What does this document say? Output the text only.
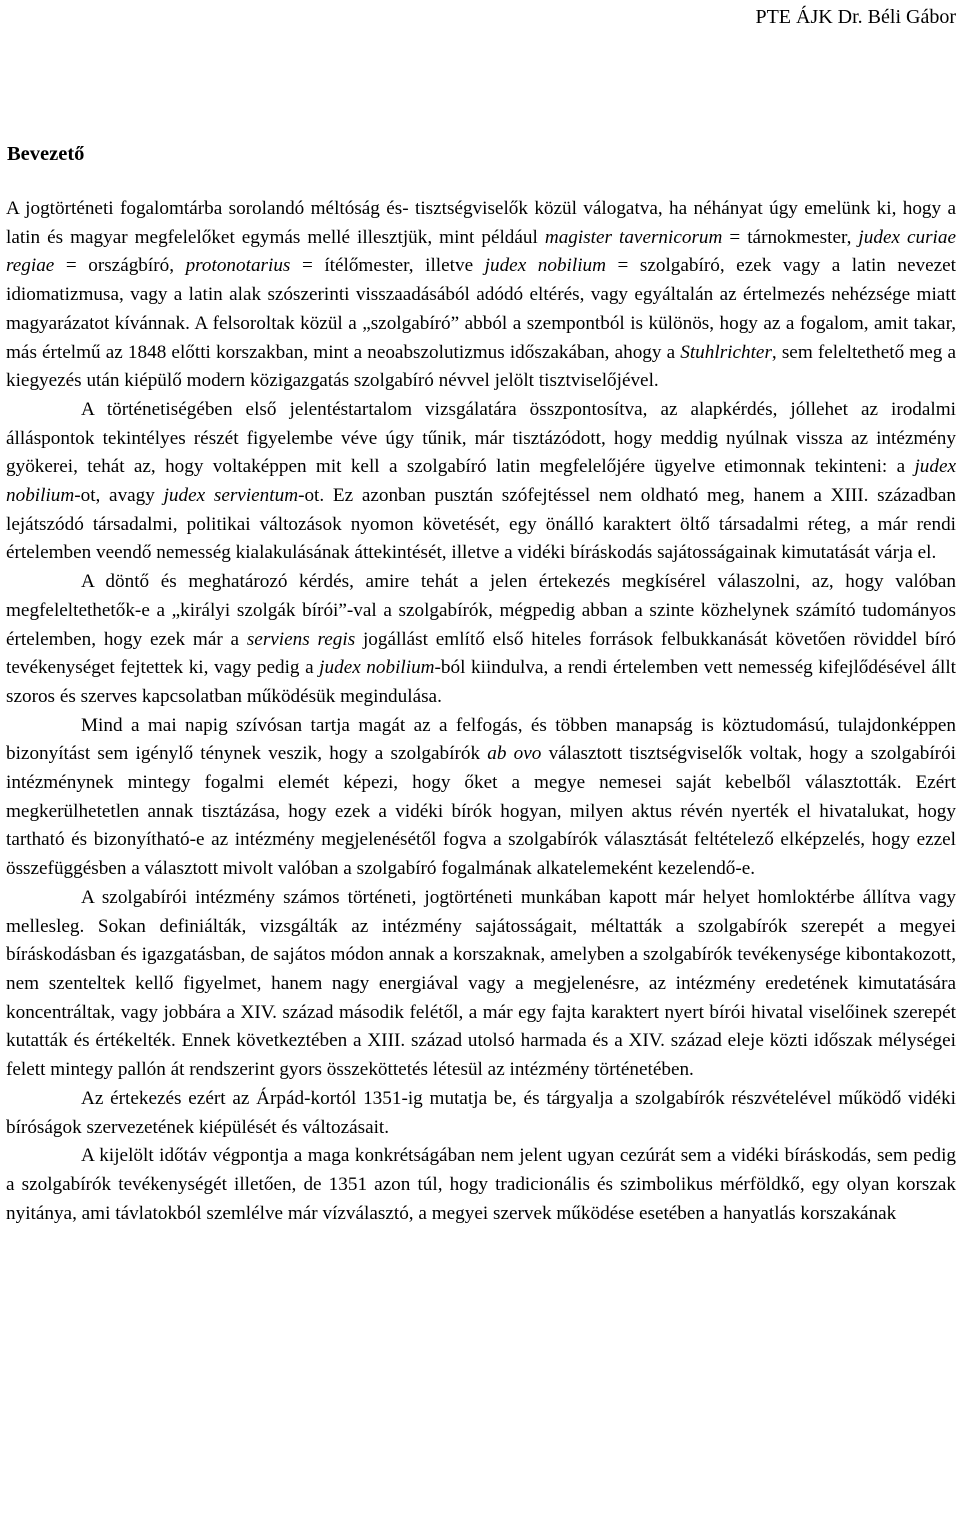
PTE ÁJK Dr. Béli Gábor
Bevezető

A jogtörténeti fogalomtárba sorolandó méltóság és- tisztségviselők közül válogatva, ha néhányat úgy emelünk ki, hogy a latin és magyar megfelelőket egymás mellé illesztjük, mint például magister tavernicorum = tárnokmester, judex curiae regiae = országbíró, protonotarius = ítélőmester, illetve judex nobilium = szolgabíró, ezek vagy a latin nevezet idiomatizmusa, vagy a latin alak szószerinti visszaadásából adódó eltérés, vagy egyáltalán az értelmezés nehézsége miatt magyarázatot kívánnak. A felsoroltak közül a „szolgabíró” abból a szempontból is különös, hogy az a fogalom, amit takar, más értelmű az 1848 előtti korszakban, mint a neoabszolutizmus időszakában, ahogy a Stuhlrichter, sem feleltethető meg a kiegyezés után kiépülő modern közigazgatás szolgabíró névvel jelölt tisztviselőjével.

A történetiségében első jelentéstartalom vizsgálatára összpontosítva, az alapkérdés, jóllehet az irodalmi álláspontok tekintélyes részét figyelembe véve úgy tűnik, már tisztázódott, hogy meddig nyúlnak vissza az intézmény gyökerei, tehát az, hogy voltaképpen mit kell a szolgabíró latin megfelelőjére ügyelve etimonnak tekinteni: a judex nobilium-ot, avagy judex servientum-ot. Ez azonban pusztán szófejtéssel nem oldható meg, hanem a XIII. században lejátszódó társadalmi, politikai változások nyomon követését, egy önálló karaktert öltő társadalmi réteg, a már rendi értelemben veendő nemesség kialakulásának áttekintését, illetve a vidéki bíráskodás sajátosságainak kimutatását várja el.

A döntő és meghatározó kérdés, amire tehát a jelen értekezés megkísérel válaszolni, az, hogy valóban megfeleltethetők-e a „királyi szolgák bírói”-val a szolgabírók, mégpedig abban a szinte közhelynek számító tudományos értelemben, hogy ezek már a serviens regis jogállást említő első hiteles források felbukkanását követően röviddel bíró tevékenységet fejtettek ki, vagy pedig a judex nobilium-ból kiindulva, a rendi értelemben vett nemesség kifejlődésével állt szoros és szerves kapcsolatban működésük megindulása.

Mind a mai napig szívósan tartja magát az a felfogás, és többen manapság is köztudomású, tulajdonképpen bizonyítást sem igénylő ténynek veszik, hogy a szolgabírók ab ovo választott tisztségviselők voltak, hogy a szolgabírói intézménynek mintegy fogalmi elemét képezi, hogy őket a megye nemesei saját kebelből választották. Ezért megkerülhetetlen annak tisztázása, hogy ezek a vidéki bírók hogyan, milyen aktus révén nyerték el hivatalukat, hogy tartható és bizonyítható-e az intézmény megjelenésétől fogva a szolgabírók választását feltételező elképzelés, hogy ezzel összefüggésben a választott mivolt valóban a szolgabíró fogalmának alkatelemeként kezelendő-e.

A szolgabírói intézmény számos történeti, jogtörténeti munkában kapott már helyet homloktérbe állítva vagy mellesleg. Sokan definiálták, vizsgálták az intézmény sajátosságait, méltatták a szolgabírók szerepét a megyei bíráskodásban és igazgatásban, de sajátos módon annak a korszaknak, amelyben a szolgabírók tevékenysége kibontakozott, nem szenteltek kellő figyelmet, hanem nagy energiával vagy a megjelenésre, az intézmény eredetének kimutatására koncentráltak, vagy jobbára a XIV. század második felétől, a már egy fajta karaktert nyert bírói hivatal viselőinek szerepét kutatták és értékelték. Ennek következtében a XIII. század utolsó harmada és a XIV. század eleje közti időszak mélységei felett mintegy pallón át rendszerint gyors összeköttetés létesül az intézmény történetében.

Az értekezés ezért az Árpád-kortól 1351-ig mutatja be, és tárgyalja a szolgabírók részvételével működő vidéki bíróságok szervezetének kiépülését és változásait.

A kijelölt időtáv végpontja a maga konkrétságában nem jelent ugyan cezúrát sem a vidéki bíráskodás, sem pedig a szolgabírók tevékenységét illetően, de 1351 azon túl, hogy tradicionális és szimbolikus mérföldkő, egy olyan korszak nyitánya, ami távlatokból szemlélve már vízválasztó, a megyei szervek működése esetében a hanyatlás korszakának
